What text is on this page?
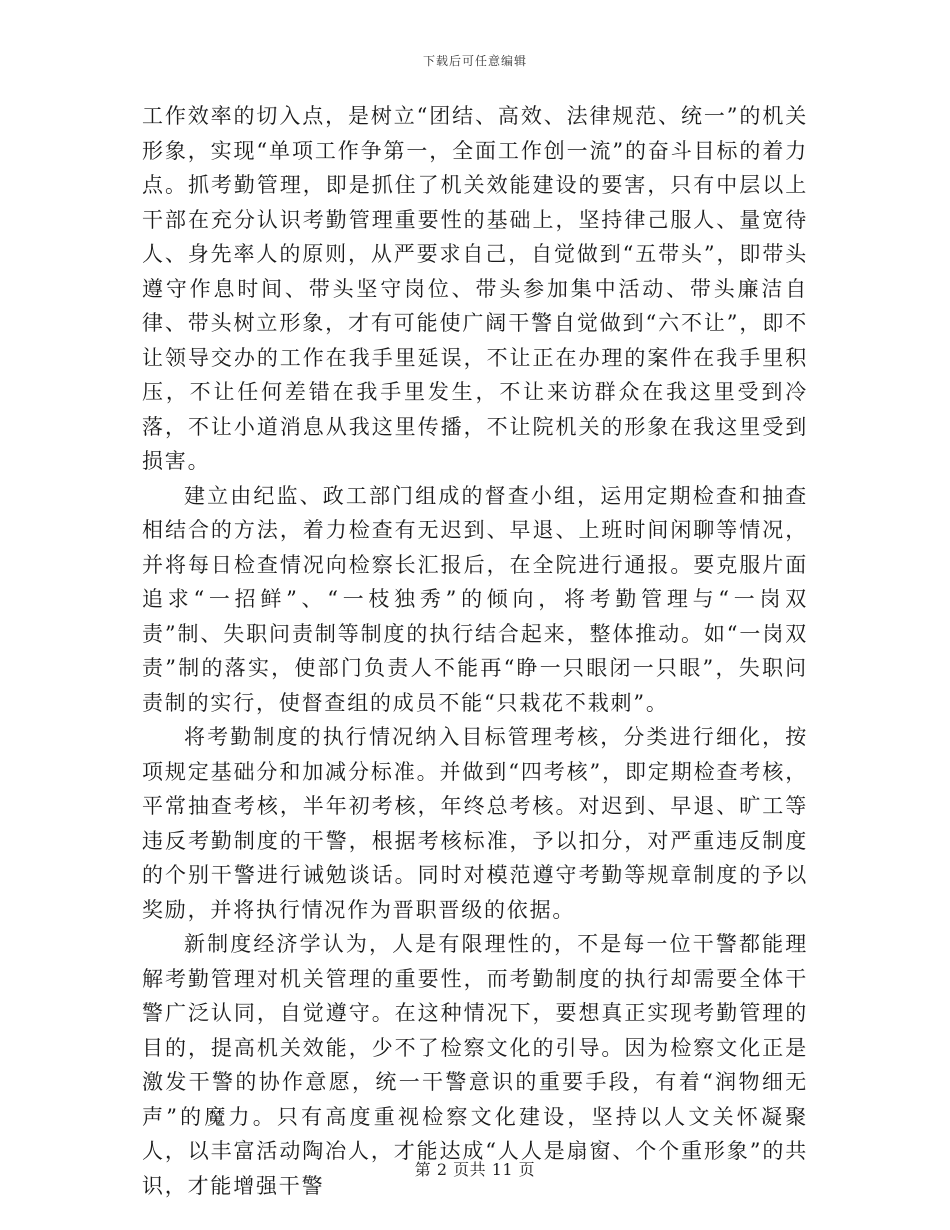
下载后可任意编辑

工作效率的切入点，是树立“团结、高效、法律规范、统一”的机关形象，实现“单项工作争第一，全面工作创一流”的奋斗目标的着力点。抓考勤管理，即是抓住了机关效能建设的要害，只有中层以上干部在充分认识考勤管理重要性的基础上，坚持律己服人、量宽待人、身先率人的原则，从严要求自己，自觉做到“五带头”，即带头遵守作息时间、带头坚守岗位、带头参加集中活动、带头廉洁自律、带头树立形象，才有可能使广阔干警自觉做到“六不让”，即不让领导交办的工作在我手里延误，不让正在办理的案件在我手里积压，不让任何差错在我手里发生，不让来访群众在我这里受到冷落，不让小道消息从我这里传播，不让院机关的形象在我这里受到损害。

建立由纪监、政工部门组成的督查小组，运用定期检查和抽查相结合的方法，着力检查有无迟到、早退、上班时间闲聊等情况，并将每日检查情况向检察长汇报后，在全院进行通报。要克服片面追求“一招鲜”、“一枝独秀”的倾向，将考勤管理与“一岗双责”制、失职问责制等制度的执行结合起来，整体推动。如“一岗双责”制的落实，使部门负责人不能再“睁一只眼闭一只眼”，失职问责制的实行，使督查组的成员不能“只栽花不栽刺”。

将考勤制度的执行情况纳入目标管理考核，分类进行细化，按项规定基础分和加减分标准。并做到“四考核”，即定期检查考核，平常抽查考核，半年初考核，年终总考核。对迟到、早退、旷工等违反考勤制度的干警，根据考核标准，予以扣分，对严重违反制度的个别干警进行诫勉谈话。同时对模范遵守考勤等规章制度的予以奖励，并将执行情况作为晋职晋级的依据。

新制度经济学认为，人是有限理性的，不是每一位干警都能理解考勤管理对机关管理的重要性，而考勤制度的执行却需要全体干警广泛认同，自觉遵守。在这种情况下，要想真正实现考勤管理的目的，提高机关效能，少不了检察文化的引导。因为检察文化正是激发干警的协作意愿，统一干警意识的重要手段，有着“润物细无声”的魔力。只有高度重视检察文化建设，坚持以人文关怀凝聚人，以丰富活动陶冶人，才能达成“人人是扇窗、个个重形象”的共识，才能增强干警

第 2 页共 11 页
